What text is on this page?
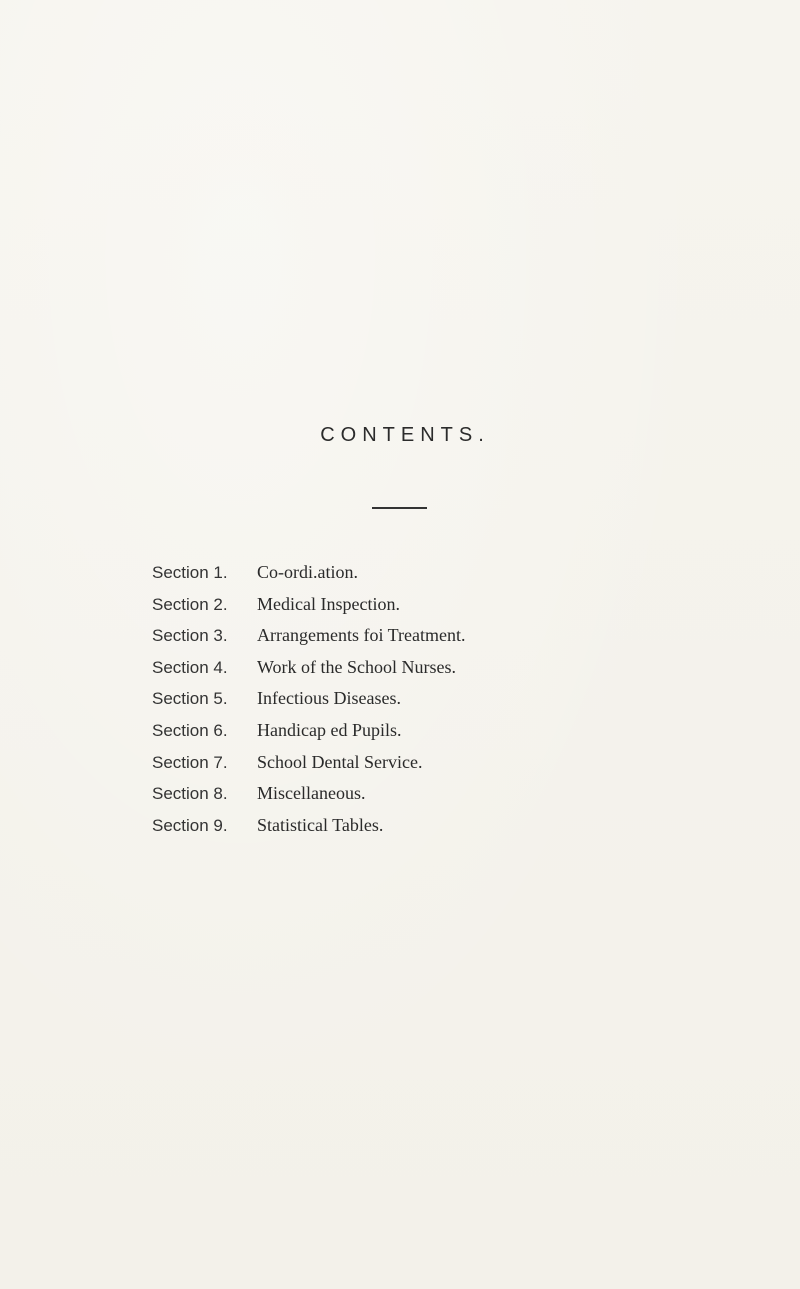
CONTENTS.
Section 1.	Co-ordi.ation.
Section 2.	Medical Inspection.
Section 3.	Arrangements foi Treatment.
Section 4.	Work of the School Nurses.
Section 5.	Infectious Diseases.
Section 6.	Handicap ed Pupils.
Section 7.	School Dental Service.
Section 8.	Miscellaneous.
Section 9.	Statistical Tables.
